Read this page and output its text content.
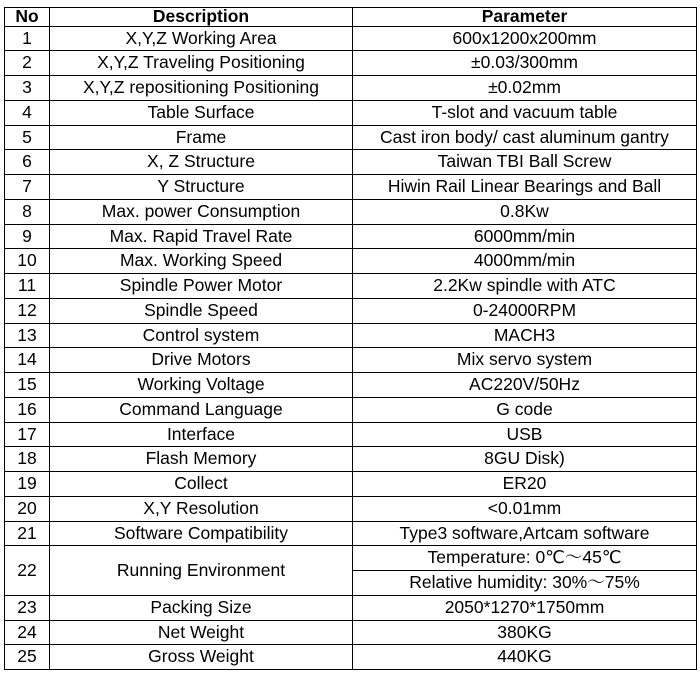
No	Description	Parameter
1	X,Y,Z Working Area	600x1200x200mm
2	X,Y,Z Traveling Positioning	±0.03/300mm
3	X,Y,Z repositioning Positioning	±0.02mm
4	Table Surface	T-slot and vacuum table
5	Frame	Cast iron body/ cast aluminum gantry
6	X, Z Structure	Taiwan TBI Ball Screw
7	Y Structure	Hiwin Rail Linear Bearings and Ball
8	Max. power Consumption	0.8Kw
9	Max. Rapid Travel Rate	6000mm/min
10	Max. Working Speed	4000mm/min
11	Spindle Power Motor	2.2Kw spindle with ATC
12	Spindle Speed	0-24000RPM
13	Control system	MACH3
14	Drive Motors	Mix servo system
15	Working Voltage	AC220V/50Hz
16	Command Language	G code
17	Interface	USB
18	Flash Memory	8GU Disk)
19	Collect	ER20
20	X,Y Resolution	<0.01mm
21	Software Compatibility	Type3 software,Artcam software
22	Running Environment	Temperature: 0℃～45℃
		Relative humidity: 30%～75%
23	Packing Size	2050*1270*1750mm
24	Net Weight	380KG
25	Gross Weight	440KG
